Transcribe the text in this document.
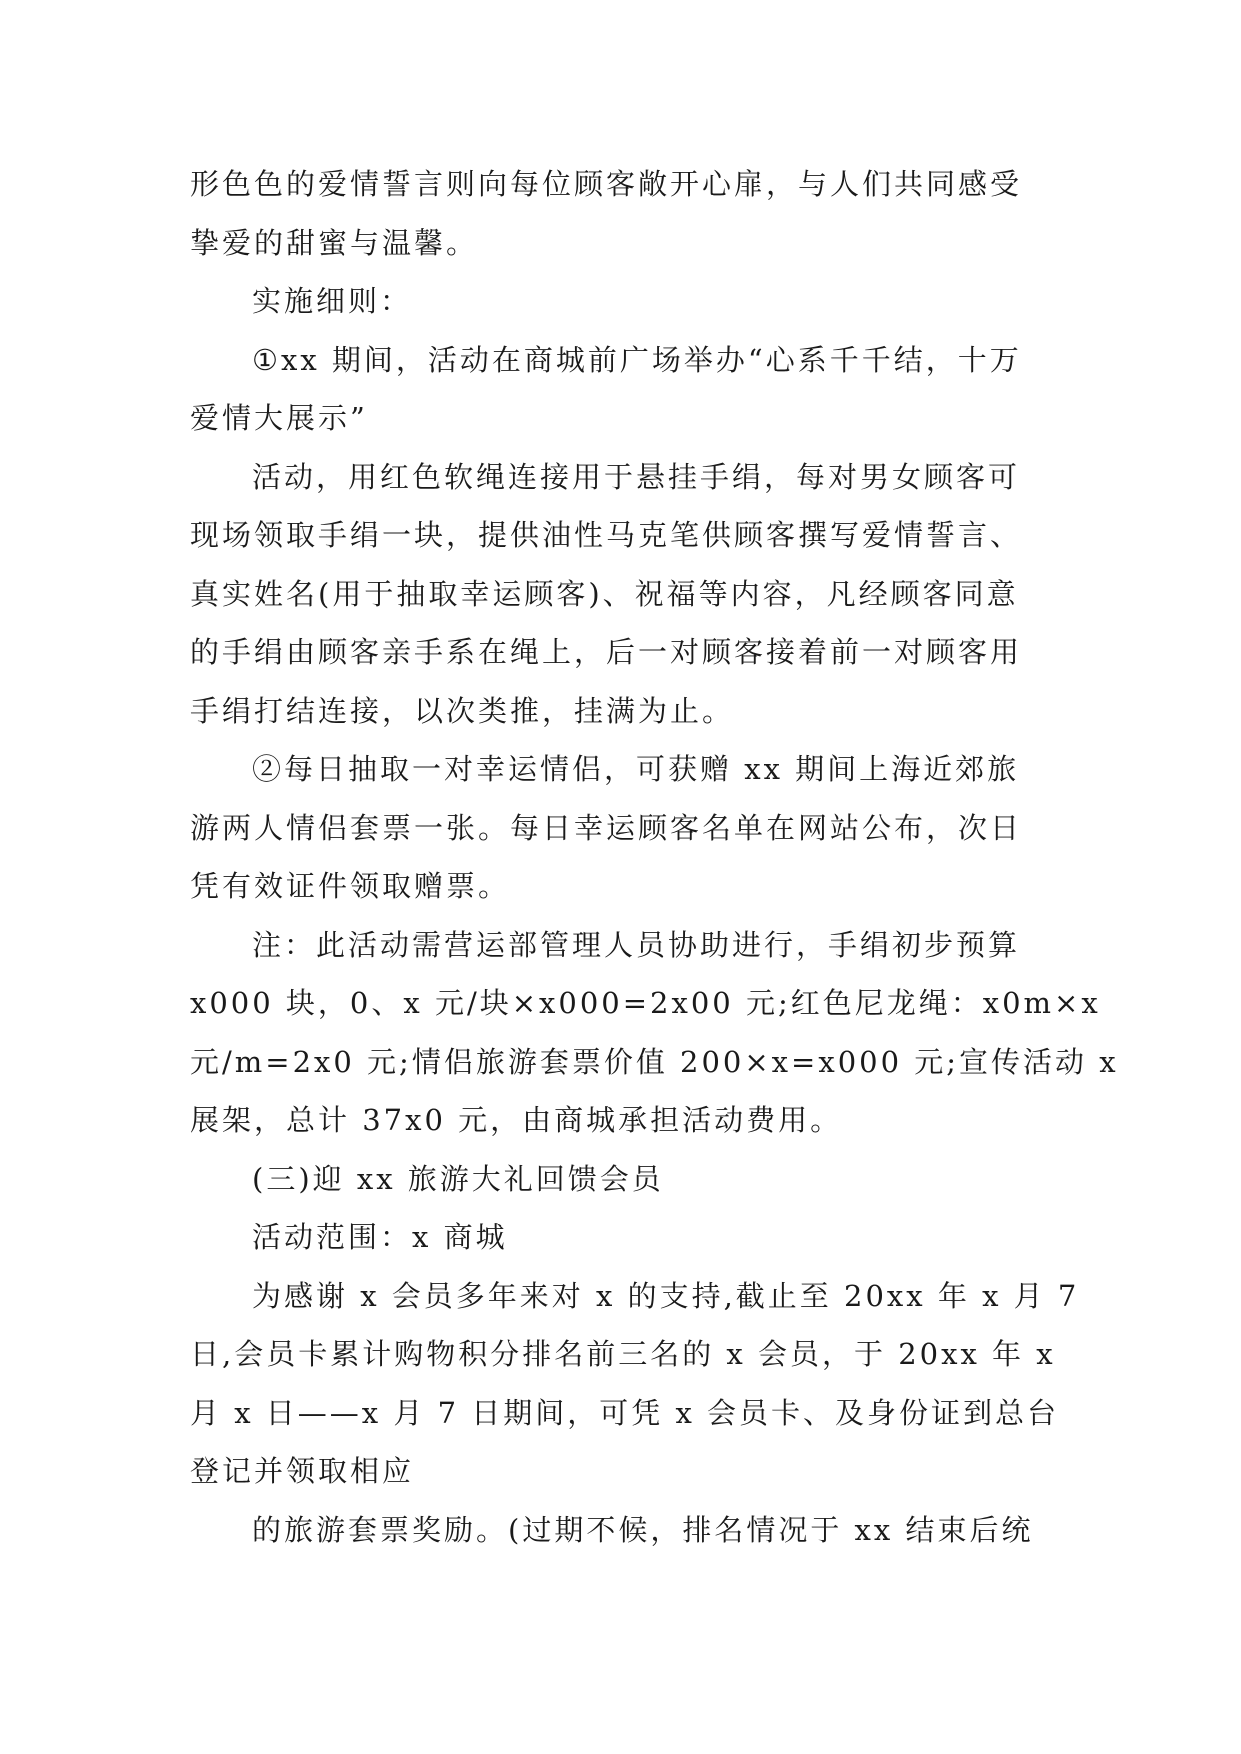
形色色的爱情誓言则向每位顾客敞开心扉，与人们共同感受
挚爱的甜蜜与温馨。
实施细则：
①xx 期间，活动在商城前广场举办“心系千千结，十万
爱情大展示”
活动，用红色软绳连接用于悬挂手绢，每对男女顾客可
现场领取手绢一块，提供油性马克笔供顾客撰写爱情誓言、
真实姓名(用于抽取幸运顾客)、祝福等内容，凡经顾客同意
的手绢由顾客亲手系在绳上，后一对顾客接着前一对顾客用
手绢打结连接，以次类推，挂满为止。
②每日抽取一对幸运情侣，可获赠 xx 期间上海近郊旅
游两人情侣套票一张。每日幸运顾客名单在网站公布，次日
凭有效证件领取赠票。
注：此活动需营运部管理人员协助进行，手绢初步预算
x000 块，0、x 元/块×x000=2x00 元;红色尼龙绳：x0m×x
元/m=2x0 元;情侣旅游套票价值 200×x=x000 元;宣传活动 x
展架，总计 37x0 元，由商城承担活动费用。
(三)迎 xx 旅游大礼回馈会员
活动范围：x 商城
为感谢 x 会员多年来对 x 的支持,截止至 20xx 年 x 月 7
日,会员卡累计购物积分排名前三名的 x 会员，于 20xx 年 x
月 x 日——x 月 7 日期间，可凭 x 会员卡、及身份证到总台
登记并领取相应
的旅游套票奖励。(过期不候，排名情况于 xx 结束后统
